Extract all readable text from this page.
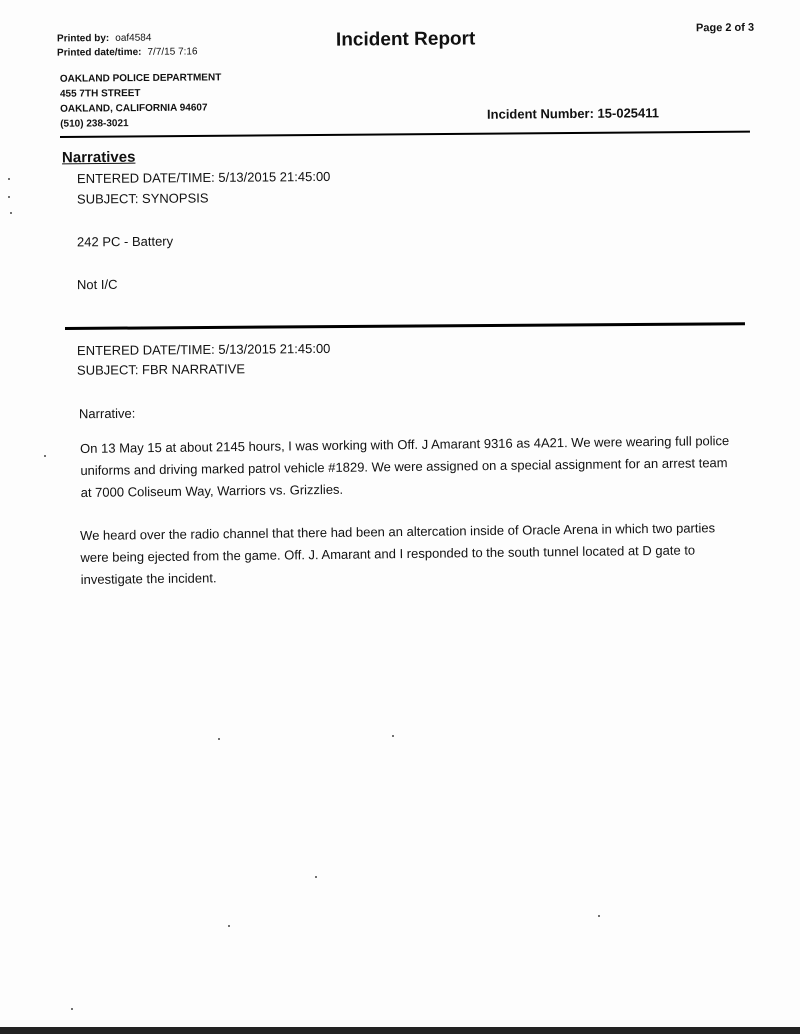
Printed by: oaf4584
Printed date/time: 7/7/15 7:16
Incident Report
Page 2 of 3
OAKLAND POLICE DEPARTMENT
455 7TH STREET
OAKLAND, CALIFORNIA 94607
(510) 238-3021
Incident Number: 15-025411
Narratives
ENTERED DATE/TIME: 5/13/2015 21:45:00
SUBJECT: SYNOPSIS
242 PC - Battery
Not I/C
ENTERED DATE/TIME: 5/13/2015 21:45:00
SUBJECT: FBR NARRATIVE
Narrative:
On 13 May 15 at about 2145 hours, I was working with Off. J Amarant 9316 as 4A21. We were wearing full police uniforms and driving marked patrol vehicle #1829. We were assigned on a special assignment for an arrest team at 7000 Coliseum Way, Warriors vs. Grizzlies.
We heard over the radio channel that there had been an altercation inside of Oracle Arena in which two parties were being ejected from the game. Off. J. Amarant and I responded to the south tunnel located at D gate to investigate the incident.
